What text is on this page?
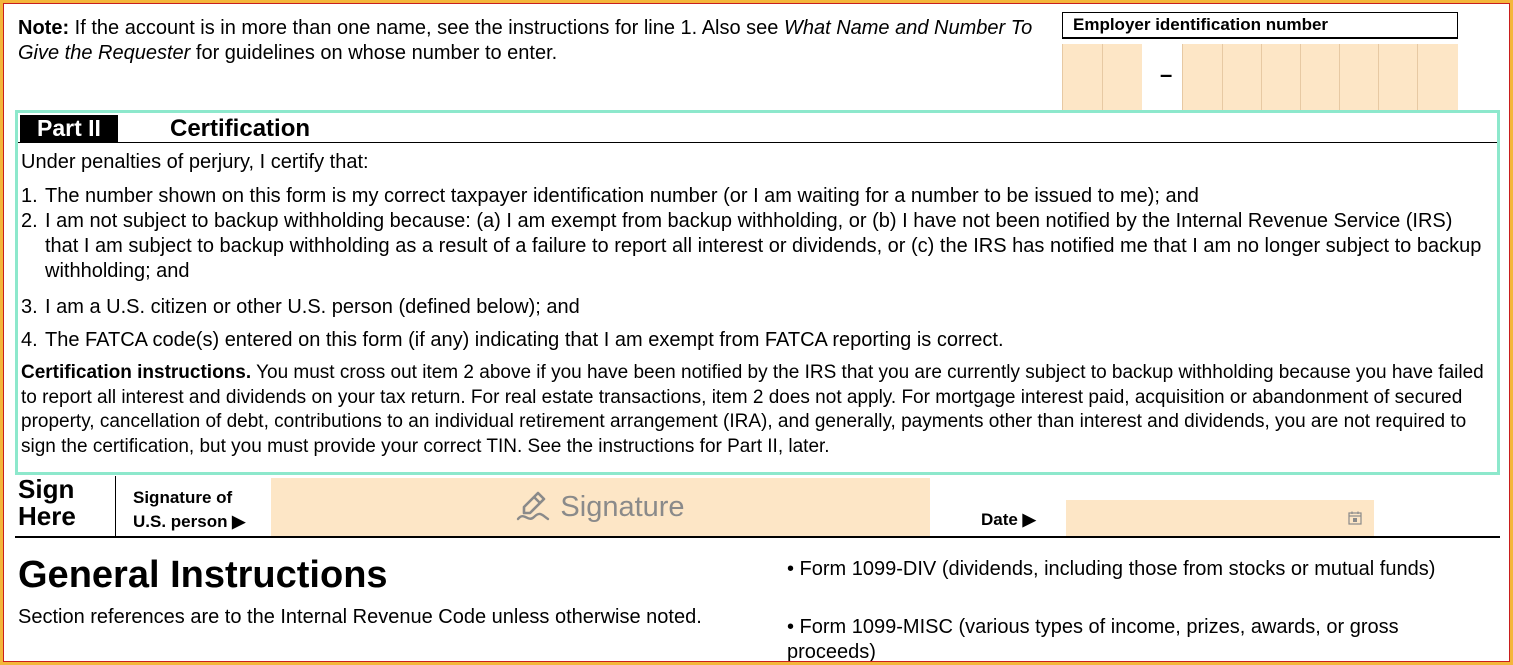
Note: If the account is in more than one name, see the instructions for line 1. Also see What Name and Number To Give the Requester for guidelines on whose number to enter.
Employer identification number
–
Part II	Certification
Under penalties of perjury, I certify that:
1. The number shown on this form is my correct taxpayer identification number (or I am waiting for a number to be issued to me); and
2. I am not subject to backup withholding because: (a) I am exempt from backup withholding, or (b) I have not been notified by the Internal Revenue Service (IRS) that I am subject to backup withholding as a result of a failure to report all interest or dividends, or (c) the IRS has notified me that I am no longer subject to backup withholding; and
3. I am a U.S. citizen or other U.S. person (defined below); and
4. The FATCA code(s) entered on this form (if any) indicating that I am exempt from FATCA reporting is correct.
Certification instructions. You must cross out item 2 above if you have been notified by the IRS that you are currently subject to backup withholding because you have failed to report all interest and dividends on your tax return. For real estate transactions, item 2 does not apply. For mortgage interest paid, acquisition or abandonment of secured property, cancellation of debt, contributions to an individual retirement arrangement (IRA), and generally, payments other than interest and dividends, you are not required to sign the certification, but you must provide your correct TIN. See the instructions for Part II, later.
Sign
Here
Signature of
U.S. person ▶	Signature	Date ▶
General Instructions
Section references are to the Internal Revenue Code unless otherwise noted.
• Form 1099-DIV (dividends, including those from stocks or mutual funds)
• Form 1099-MISC (various types of income, prizes, awards, or gross proceeds)
